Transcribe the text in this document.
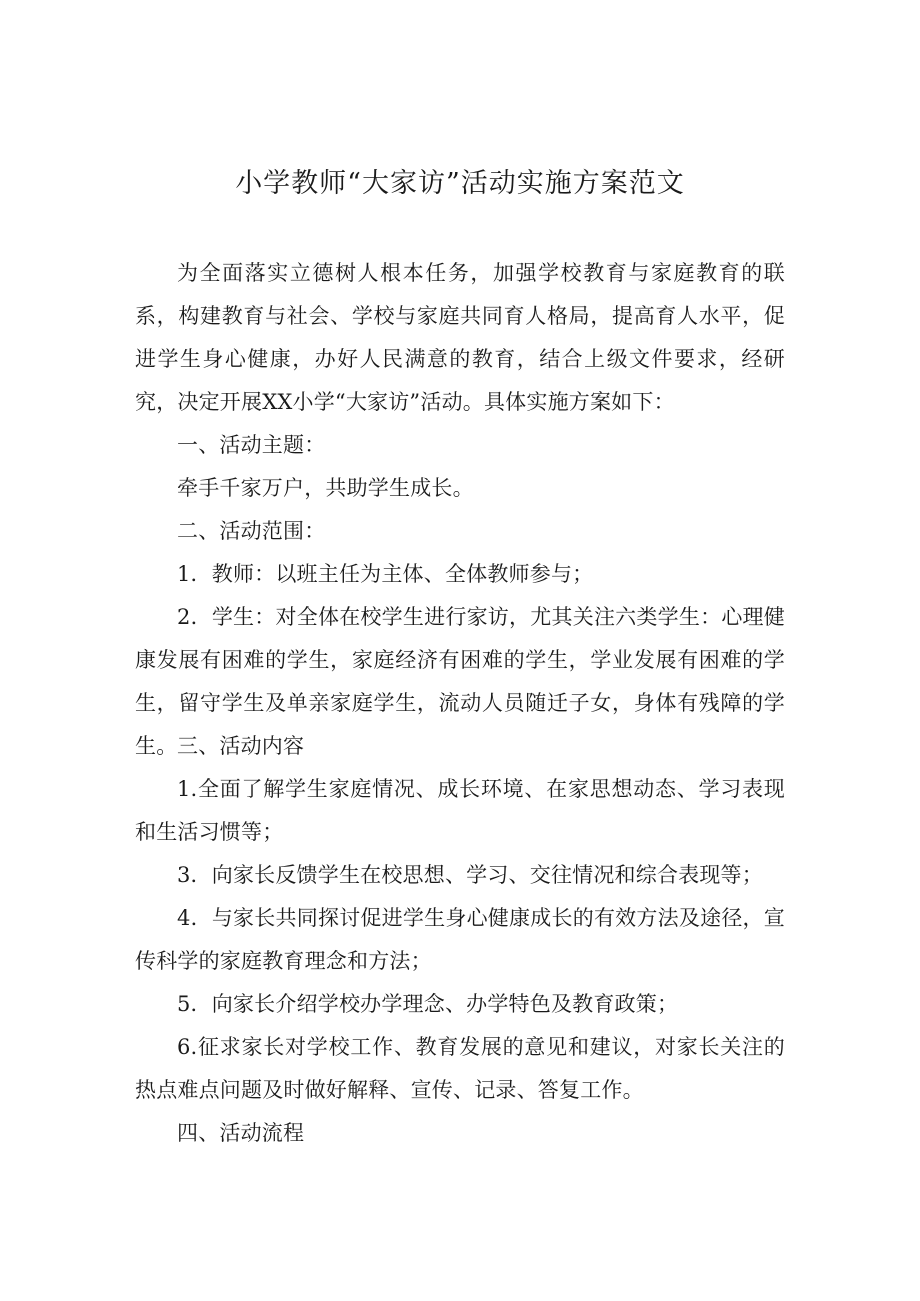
小学教师“大家访”活动实施方案范文

为全面落实立德树人根本任务，加强学校教育与家庭教育的联系，构建教育与社会、学校与家庭共同育人格局，提高育人水平，促进学生身心健康，办好人民满意的教育，结合上级文件要求，经研究，决定开展XX小学“大家访”活动。具体实施方案如下：

一、活动主题：

牵手千家万户，共助学生成长。

二、活动范围：

1．教师：以班主任为主体、全体教师参与；

2．学生：对全体在校学生进行家访，尤其关注六类学生：心理健康发展有困难的学生，家庭经济有困难的学生，学业发展有困难的学生，留守学生及单亲家庭学生，流动人员随迁子女，身体有残障的学生。 三、活动内容

1.全面了解学生家庭情况、成长环境、在家思想动态、学习表现和生活习惯等；

3．向家长反馈学生在校思想、学习、交往情况和综合表现等；

4．与家长共同探讨促进学生身心健康成长的有效方法及途径，宣传科学的家庭教育理念和方法；

5．向家长介绍学校办学理念、办学特色及教育政策；

6.征求家长对学校工作、教育发展的意见和建议，对家长关注的热点难点问题及时做好解释、宣传、记录、答复工作。

四、活动流程
